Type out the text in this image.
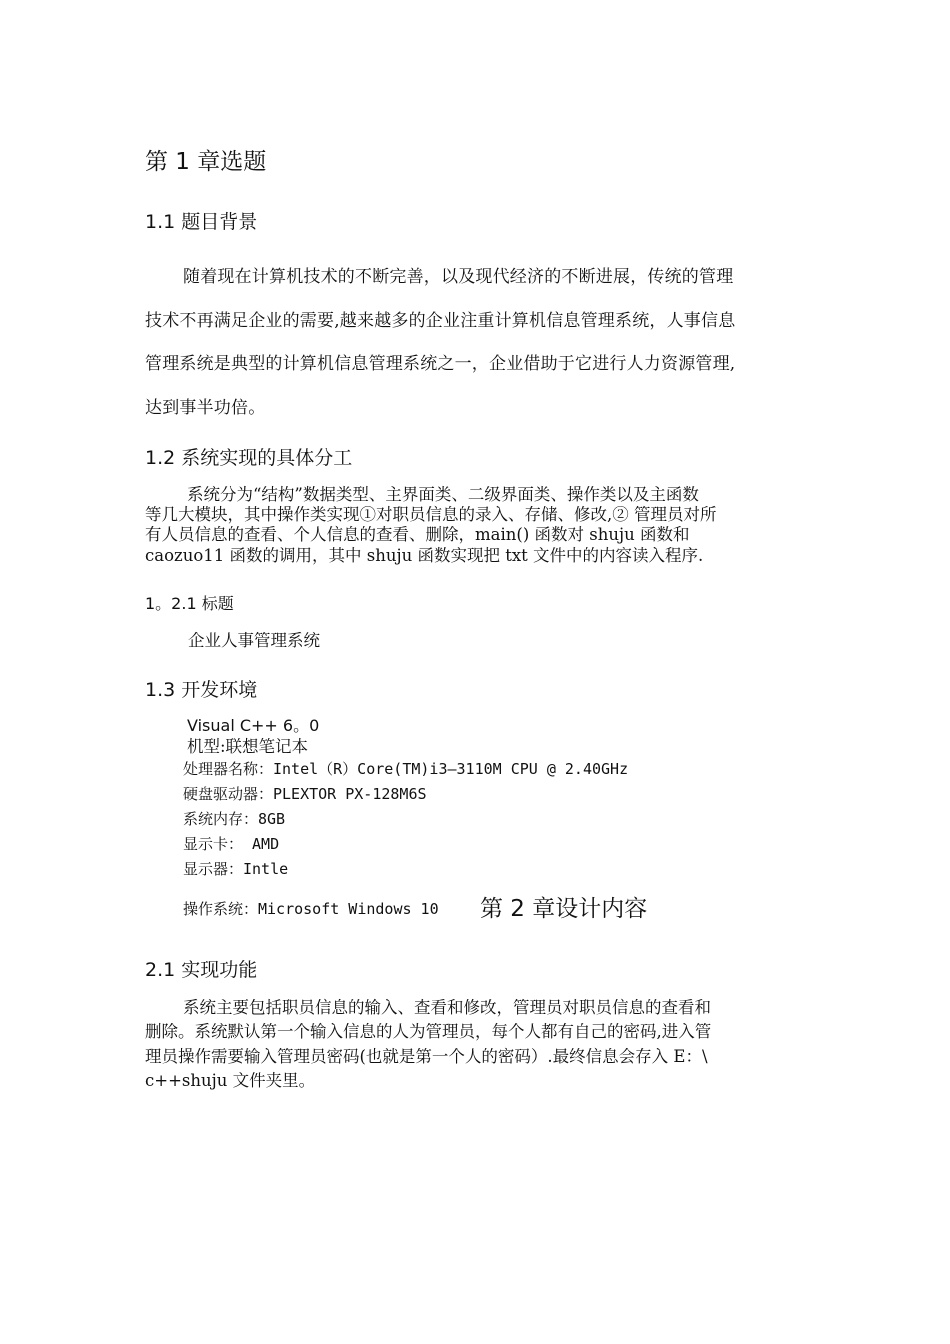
第 1 章选题
1.1 题目背景
随着现在计算机技术的不断完善，以及现代经济的不断进展，传统的管理
技术不再满足企业的需要,越来越多的企业注重计算机信息管理系统，人事信息
管理系统是典型的计算机信息管理系统之一，企业借助于它进行人力资源管理,
达到事半功倍。
1.2 系统实现的具体分工
系统分为“结构”数据类型、主界面类、二级界面类、操作类以及主函数
等几大模块，其中操作类实现①对职员信息的录入、存储、修改,② 管理员对所
有人员信息的查看、个人信息的查看、删除，main() 函数对 shuju 函数和
caozuo11 函数的调用，其中 shuju 函数实现把 txt 文件中的内容读入程序.
1。2.1 标题
企业人事管理系统
1.3 开发环境
Visual C++ 6。0
机型:联想笔记本
处理器名称：Intel（R）Core(TM)i3—3110M CPU @ 2.40GHz
硬盘驱动器：PLEXTOR PX-128M6S
系统内存：8GB
显示卡： AMD
显示器：Intle
操作系统：Microsoft Windows 10 第 2 章设计内容
2.1 实现功能
系统主要包括职员信息的输入、查看和修改，管理员对职员信息的查看和
删除。系统默认第一个输入信息的人为管理员，每个人都有自己的密码,进入管
理员操作需要输入管理员密码(也就是第一个人的密码）.最终信息会存入 E：\
c++shuju 文件夹里。
